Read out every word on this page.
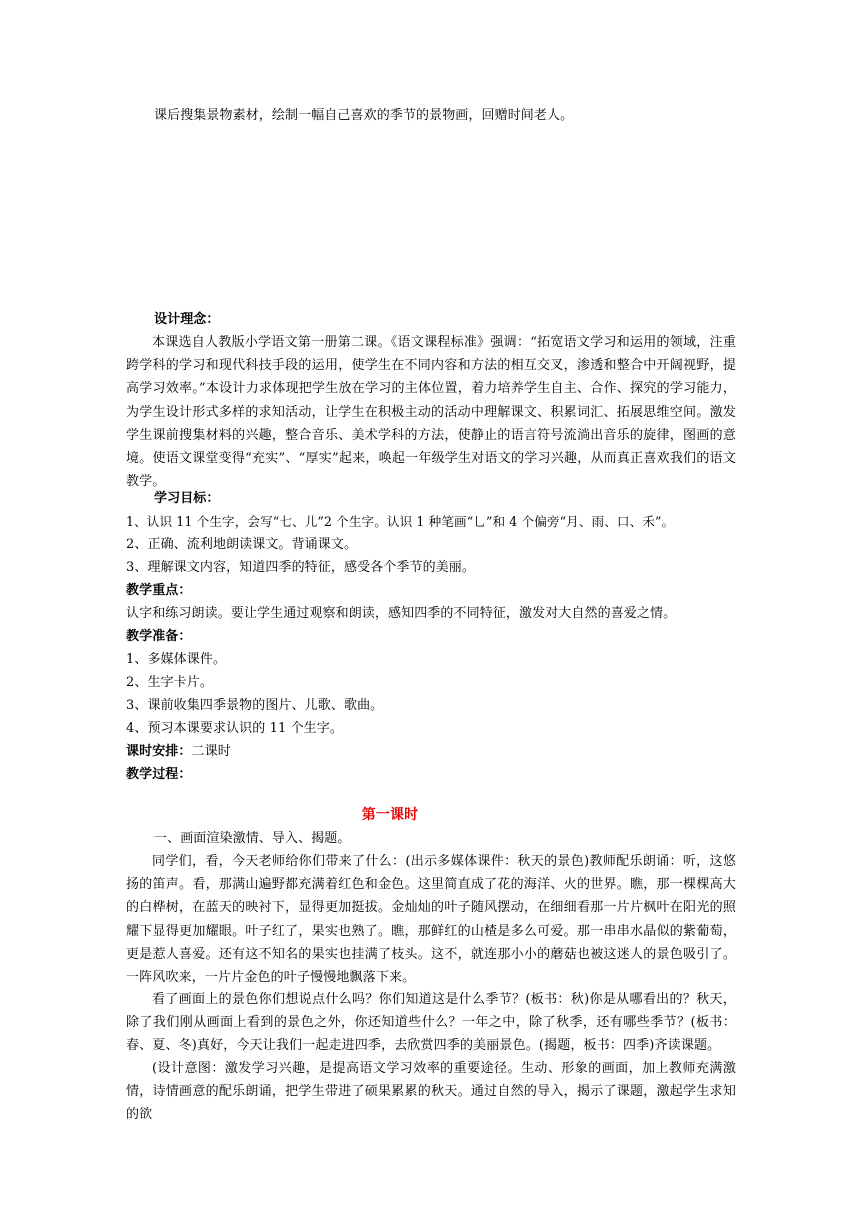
课后搜集景物素材，绘制一幅自己喜欢的季节的景物画，回赠时间老人。
设计理念：
本课选自人教版小学语文第一册第二课。《语文课程标准》强调：“拓宽语文学习和运用的领域，注重跨学科的学习和现代科技手段的运用，使学生在不同内容和方法的相互交叉，渗透和整合中开阔视野，提高学习效率。”本设计力求体现把学生放在学习的主体位置，着力培养学生自主、合作、探究的学习能力，为学生设计形式多样的求知活动，让学生在积极主动的活动中理解课文、积累词汇、拓展思维空间。激发学生课前搜集材料的兴趣，整合音乐、美术学科的方法，使静止的语言符号流淌出音乐的旋律，图画的意境。使语文课堂变得“充实”、“厚实”起来，唤起一年级学生对语文的学习兴趣，从而真正喜欢我们的语文教学。
学习目标：
1、认识 11 个生字，会写“七、儿”2 个生字。认识 1 种笔画“乚”和 4 个偏旁“月、雨、口、禾”。
2、正确、流利地朗读课文。背诵课文。
3、理解课文内容，知道四季的特征，感受各个季节的美丽。
教学重点：
认字和练习朗读。要让学生通过观察和朗读，感知四季的不同特征，激发对大自然的喜爱之情。
教学准备：
1、多媒体课件。
2、生字卡片。
3、课前收集四季景物的图片、儿歌、歌曲。
4、预习本课要求认识的 11 个生字。
课时安排：二课时
教学过程：
第一课时
一、画面渲染激情、导入、揭题。
同学们，看，今天老师给你们带来了什么：(出示多媒体课件：秋天的景色)教师配乐朗诵：听，这悠扬的笛声。看，那满山遍野都充满着红色和金色。这里简直成了花的海洋、火的世界。瞧，那一棵棵高大的白桦树，在蓝天的映衬下，显得更加挺拔。金灿灿的叶子随风摆动，在细细看那一片片枫叶在阳光的照耀下显得更加耀眼。叶子红了，果实也熟了。瞧，那鲜红的山楂是多么可爱。那一串串水晶似的紫葡萄，更是惹人喜爱。还有这不知名的果实也挂满了枝头。这不，就连那小小的蘑菇也被这迷人的景色吸引了。一阵风吹来，一片片金色的叶子慢慢地飘落下来。
看了画面上的景色你们想说点什么吗？你们知道这是什么季节？(板书：秋)你是从哪看出的？秋天，除了我们刚从画面上看到的景色之外，你还知道些什么？一年之中，除了秋季，还有哪些季节？(板书：春、夏、冬)真好，今天让我们一起走进四季，去欣赏四季的美丽景色。(揭题，板书：四季)齐读课题。
(设计意图：激发学习兴趣，是提高语文学习效率的重要途径。生动、形象的画面，加上教师充满激情，诗情画意的配乐朗诵，把学生带进了硕果累累的秋天。通过自然的导入，揭示了课题，激起学生求知的欲
